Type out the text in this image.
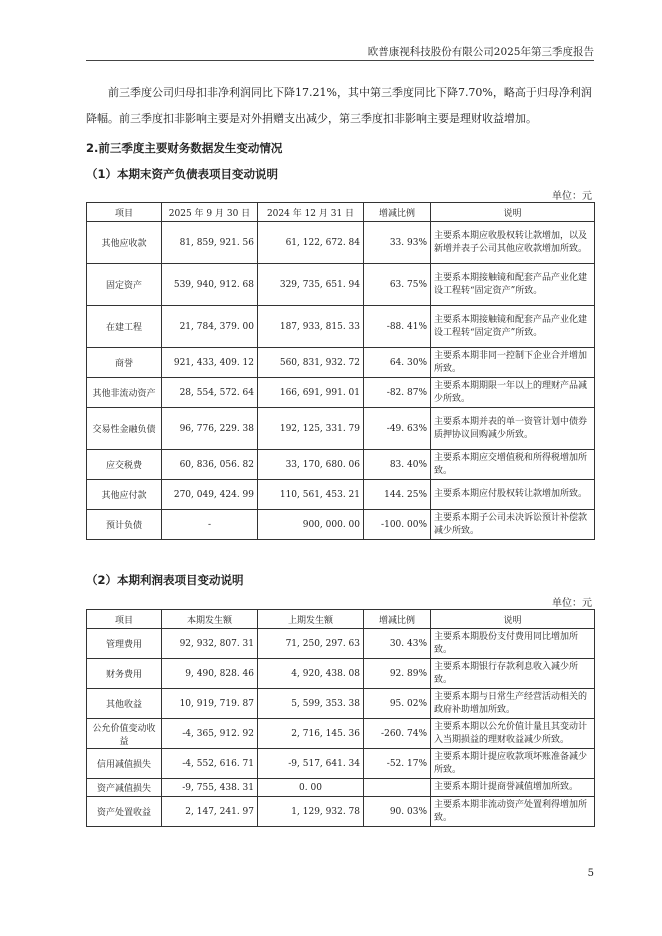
欧普康视科技股份有限公司2025年第三季度报告
前三季度公司归母扣非净利润同比下降17.21%，其中第三季度同比下降7.70%，略高于归母净利润降幅。前三季度扣非影响主要是对外捐赠支出减少，第三季度扣非影响主要是理财收益增加。
2.前三季度主要财务数据发生变动情况
（1）本期末资产负债表项目变动说明
单位：元
项目	2025 年 9 月 30 日	2024 年 12 月 31 日	增减比例	说明
其他应收款	81, 859, 921. 56	61, 122, 672. 84	33. 93%	主要系本期应收股权转让款增加，以及新增并表子公司其他应收款增加所致。
固定资产	539, 940, 912. 68	329, 735, 651. 94	63. 75%	主要系本期接触镜和配套产品产业化建设工程转“固定资产”所致。
在建工程	21, 784, 379. 00	187, 933, 815. 33	-88. 41%	主要系本期接触镜和配套产品产业化建设工程转“固定资产”所致。
商誉	921, 433, 409. 12	560, 831, 932. 72	64. 30%	主要系本期非同一控制下企业合并增加所致。
其他非流动资产	28, 554, 572. 64	166, 691, 991. 01	-82. 87%	主要系本期期限一年以上的理财产品减少所致。
交易性金融负债	96, 776, 229. 38	192, 125, 331. 79	-49. 63%	主要系本期并表的单一资管计划中债券质押协议回购减少所致。
应交税费	60, 836, 056. 82	33, 170, 680. 06	83. 40%	主要系本期应交增值税和所得税增加所致。
其他应付款	270, 049, 424. 99	110, 561, 453. 21	144. 25%	主要系本期应付股权转让款增加所致。
预计负债	-	900, 000. 00	-100. 00%	主要系本期子公司未决诉讼预计补偿款减少所致。
（2）本期利润表项目变动说明
单位：元
项目	本期发生额	上期发生额	增减比例	说明
管理费用	92, 932, 807. 31	71, 250, 297. 63	30. 43%	主要系本期股份支付费用同比增加所致。
财务费用	9, 490, 828. 46	4, 920, 438. 08	92. 89%	主要系本期银行存款利息收入减少所致。
其他收益	10, 919, 719. 87	5, 599, 353. 38	95. 02%	主要系本期与日常生产经营活动相关的政府补助增加所致。
公允价值变动收益	-4, 365, 912. 92	2, 716, 145. 36	-260. 74%	主要系本期以公允价值计量且其变动计入当期损益的理财收益减少所致。
信用减值损失	-4, 552, 616. 71	-9, 517, 641. 34	-52. 17%	主要系本期计提应收款项坏账准备减少所致。
资产减值损失	-9, 755, 438. 31	0. 00		主要系本期计提商誉减值增加所致。
资产处置收益	2, 147, 241. 97	1, 129, 932. 78	90. 03%	主要系本期非流动资产处置利得增加所致。
5
